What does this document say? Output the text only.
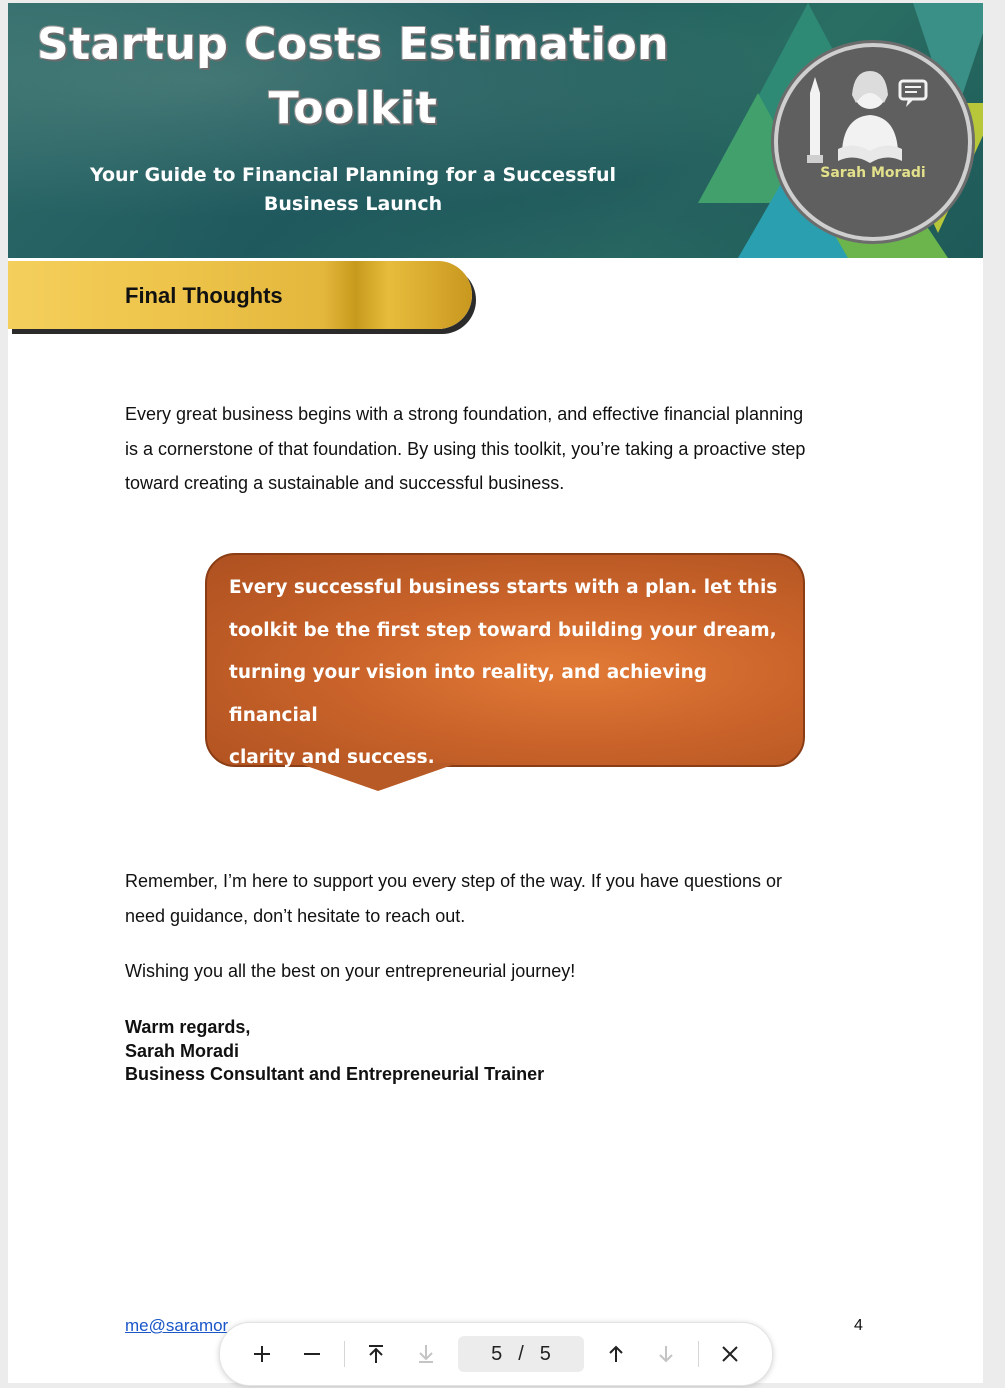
Startup Costs Estimation
Toolkit
Your Guide to Financial Planning for a Successful
Business Launch
Sarah Moradi
Final Thoughts
Every great business begins with a strong foundation, and effective financial planning
is a cornerstone of that foundation. By using this toolkit, you’re taking a proactive step
toward creating a sustainable and successful business.
Every successful business starts with a plan. let this
toolkit be the first step toward building your dream,
turning your vision into reality, and achieving financial
clarity and success.
Remember, I’m here to support you every step of the way. If you have questions or
need guidance, don’t hesitate to reach out.
Wishing you all the best on your entrepreneurial journey!
Warm regards,
Sarah Moradi
Business Consultant and Entrepreneurial Trainer
me@saramor	4
5 / 5
